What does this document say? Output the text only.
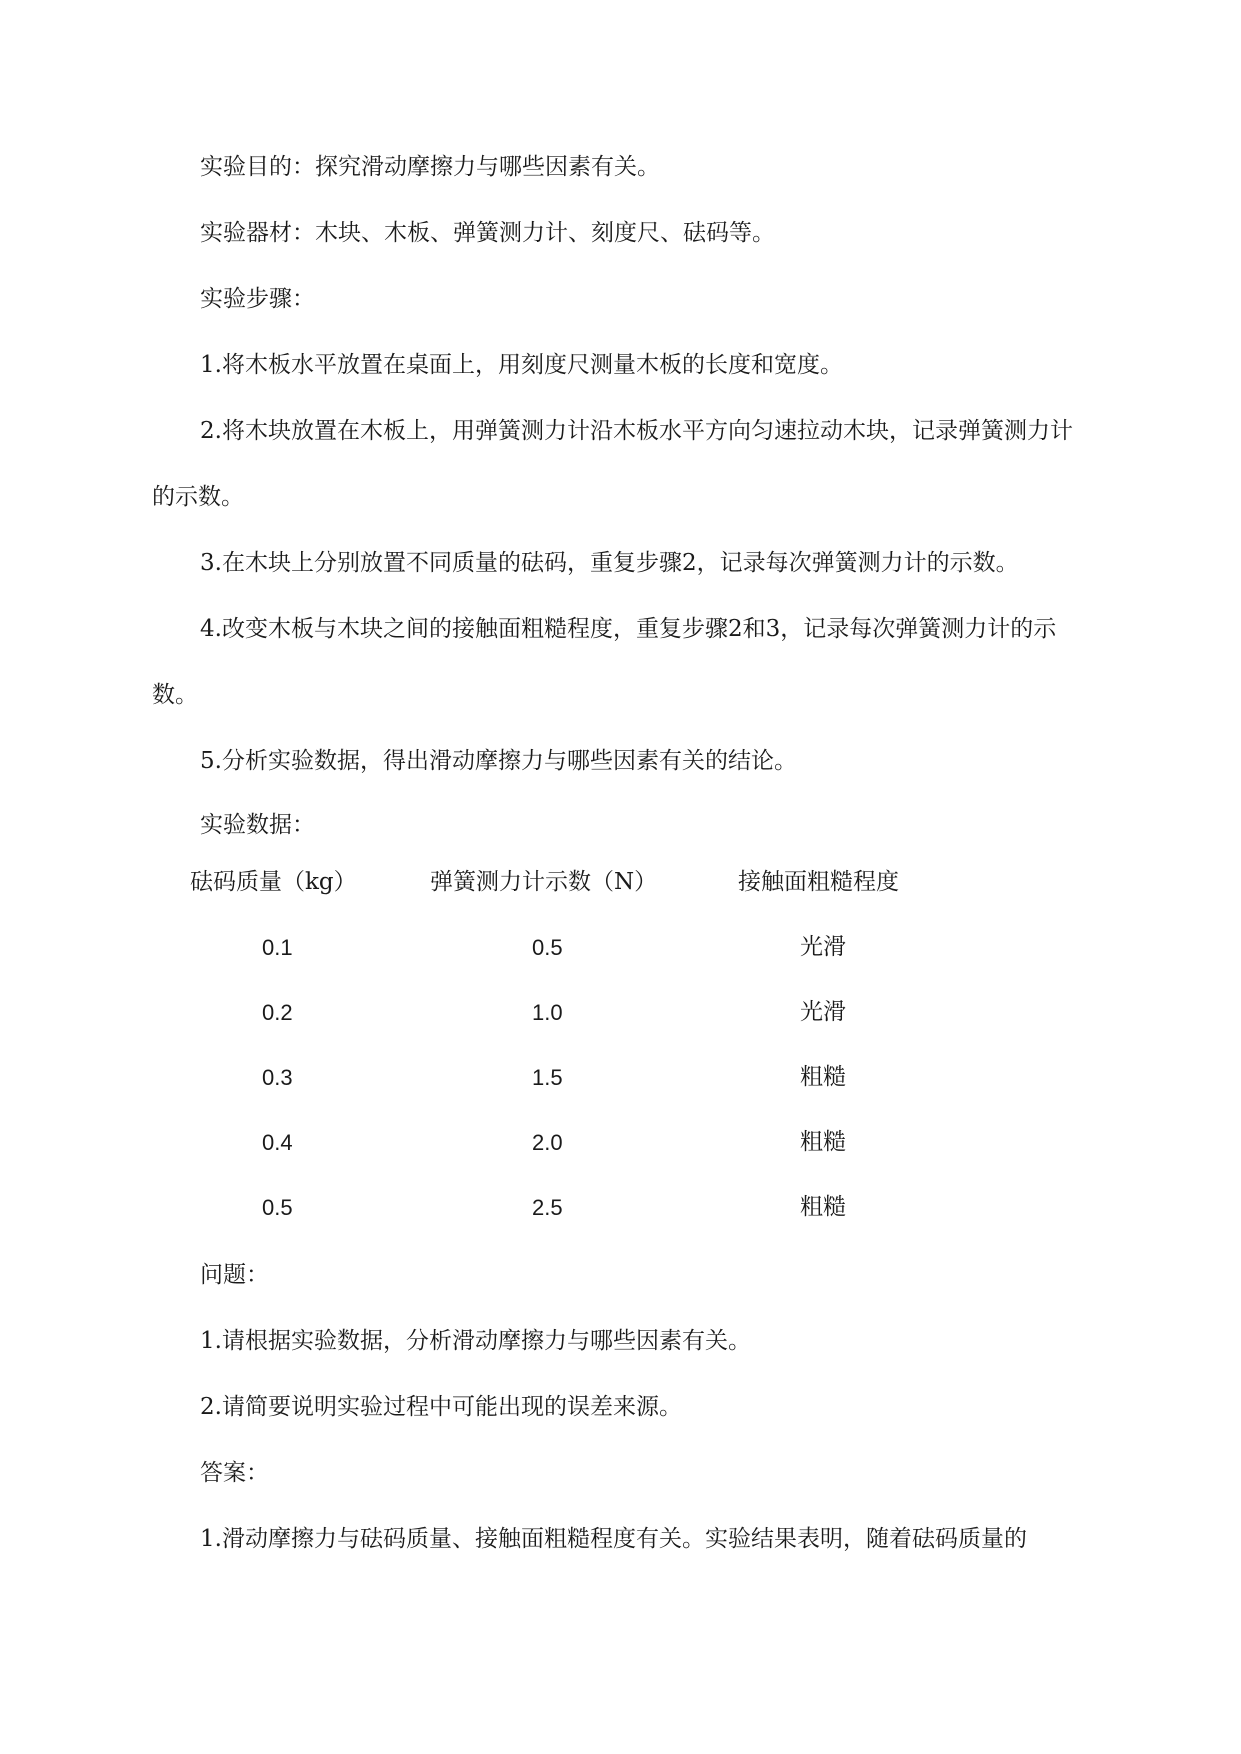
实验目的：探究滑动摩擦力与哪些因素有关。

实验器材：木块、木板、弹簧测力计、刻度尺、砝码等。

实验步骤：

1.将木板水平放置在桌面上，用刻度尺测量木板的长度和宽度。

2.将木块放置在木板上，用弹簧测力计沿木板水平方向匀速拉动木块，记录弹簧测力计的示数。

3.在木块上分别放置不同质量的砝码，重复步骤2，记录每次弹簧测力计的示数。

4.改变木板与木块之间的接触面粗糙程度，重复步骤2和3，记录每次弹簧测力计的示数。

5.分析实验数据，得出滑动摩擦力与哪些因素有关的结论。

实验数据：

砝码质量（kg）	弹簧测力计示数（N）	接触面粗糙程度
0.1	0.5	光滑
0.2	1.0	光滑
0.3	1.5	粗糙
0.4	2.0	粗糙
0.5	2.5	粗糙

问题：

1.请根据实验数据，分析滑动摩擦力与哪些因素有关。

2.请简要说明实验过程中可能出现的误差来源。

答案：

1.滑动摩擦力与砝码质量、接触面粗糙程度有关。实验结果表明，随着砝码质量的
